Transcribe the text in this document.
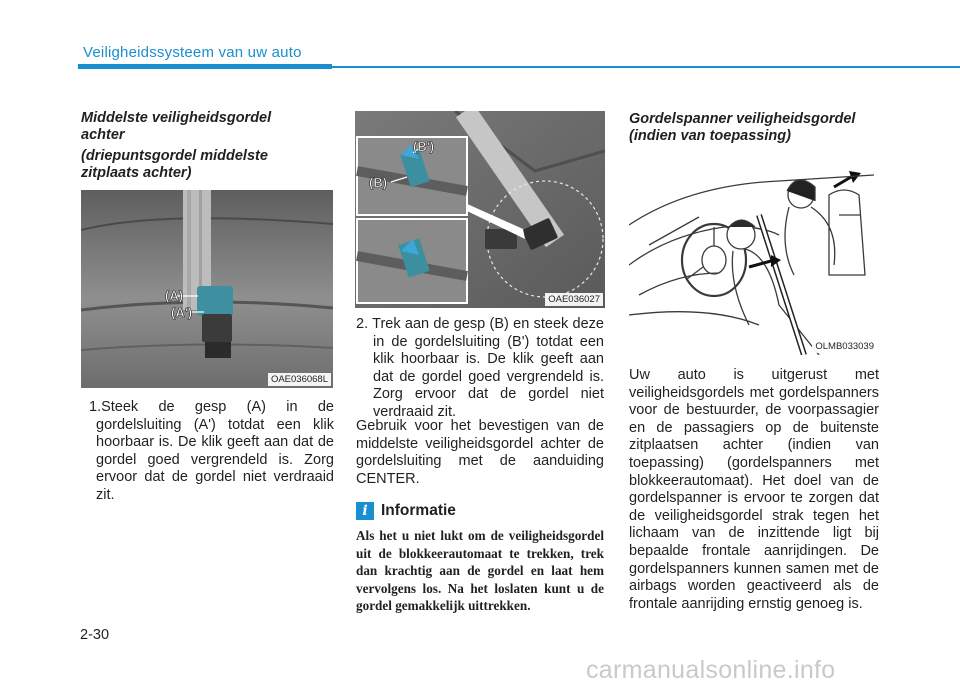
Veiligheidssysteem van uw auto
Middelste veiligheidsgordel
achter
(driepuntsgordel middelste
zitplaats achter)
(A)
(A')
OAE036068L
1.Steek de gesp (A) in de gordelsluiting (A') totdat een klik hoorbaar is. De klik geeft aan dat de gordel goed vergrendeld is. Zorg ervoor dat de gordel niet verdraaid zit.
(B)
(B')
OAE036027
2. Trek aan de gesp (B) en steek deze in de gordelsluiting (B') totdat een klik hoorbaar is. De klik geeft aan dat de gordel goed vergrendeld is. Zorg ervoor dat de gordel niet verdraaid zit.
Gebruik voor het bevestigen van de middelste veiligheidsgordel achter de gordelsluiting met de aanduiding CENTER.
i Informatie
Als het u niet lukt om de veiligheidsgordel uit de blokkeerautomaat te trekken, trek dan krachtig aan de gordel en laat hem vervolgens los. Na het loslaten kunt u de gordel gemakkelijk uittrekken.
Gordelspanner veiligheidsgordel
(indien van toepassing)
OLMB033039
Uw auto is uitgerust met veiligheidsgordels met gordelspanners voor de bestuurder, de voorpassagier en de passagiers op de buitenste zitplaatsen achter (indien van toepassing) (gordelspanners met blokkeerautomaat). Het doel van de gordelspanner is ervoor te zorgen dat de veiligheidsgordel strak tegen het lichaam van de inzittende ligt bij bepaalde frontale aanrijdingen. De gordelspanners kunnen samen met de airbags worden geactiveerd als de frontale aanrijding ernstig genoeg is.
2-30
carmanualsonline.info
